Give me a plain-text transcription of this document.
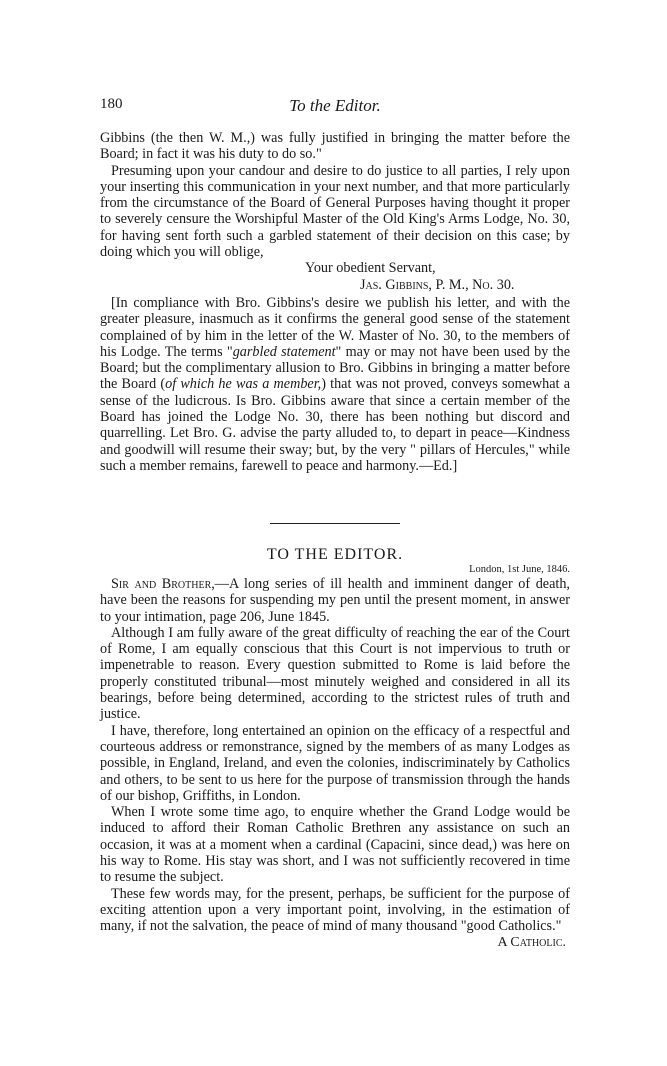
180	To the Editor.

Gibbins (the then W. M.,) was fully justified in bringing the matter before the Board; in fact it was his duty to do so."

Presuming upon your candour and desire to do justice to all parties, I rely upon your inserting this communication in your next number, and that more particularly from the circumstance of the Board of General Purposes having thought it proper to severely censure the Worshipful Master of the Old King's Arms Lodge, No. 30, for having sent forth such a garbled statement of their decision on this case; by doing which you will oblige,

Your obedient Servant,
Jas. Gibbins, P. M., No. 30.

[In compliance with Bro. Gibbins's desire we publish his letter, and with the greater pleasure, inasmuch as it confirms the general good sense of the statement complained of by him in the letter of the W. Master of No. 30, to the members of his Lodge. The terms "garbled statement" may or may not have been used by the Board; but the complimentary allusion to Bro. Gibbins in bringing a matter before the Board (of which he was a member,) that was not proved, conveys somewhat a sense of the ludicrous. Is Bro. Gibbins aware that since a certain member of the Board has joined the Lodge No. 30, there has been nothing but discord and quarrelling. Let Bro. G. advise the party alluded to, to depart in peace—Kindness and goodwill will resume their sway; but, by the very " pillars of Hercules," while such a member remains, farewell to peace and harmony.—Ed.]

TO THE EDITOR.

London, 1st June, 1846.

Sir and Brother,—A long series of ill health and imminent danger of death, have been the reasons for suspending my pen until the present moment, in answer to your intimation, page 206, June 1845.

Although I am fully aware of the great difficulty of reaching the ear of the Court of Rome, I am equally conscious that this Court is not impervious to truth or impenetrable to reason. Every question submitted to Rome is laid before the properly constituted tribunal—most minutely weighed and considered in all its bearings, before being determined, according to the strictest rules of truth and justice.

I have, therefore, long entertained an opinion on the efficacy of a respectful and courteous address or remonstrance, signed by the members of as many Lodges as possible, in England, Ireland, and even the colonies, indiscriminately by Catholics and others, to be sent to us here for the purpose of transmission through the hands of our bishop, Griffiths, in London.

When I wrote some time ago, to enquire whether the Grand Lodge would be induced to afford their Roman Catholic Brethren any assistance on such an occasion, it was at a moment when a cardinal (Capacini, since dead,) was here on his way to Rome. His stay was short, and I was not sufficiently recovered in time to resume the subject.

These few words may, for the present, perhaps, be sufficient for the purpose of exciting attention upon a very important point, involving, in the estimation of many, if not the salvation, the peace of mind of many thousand "good Catholics."

A Catholic.
